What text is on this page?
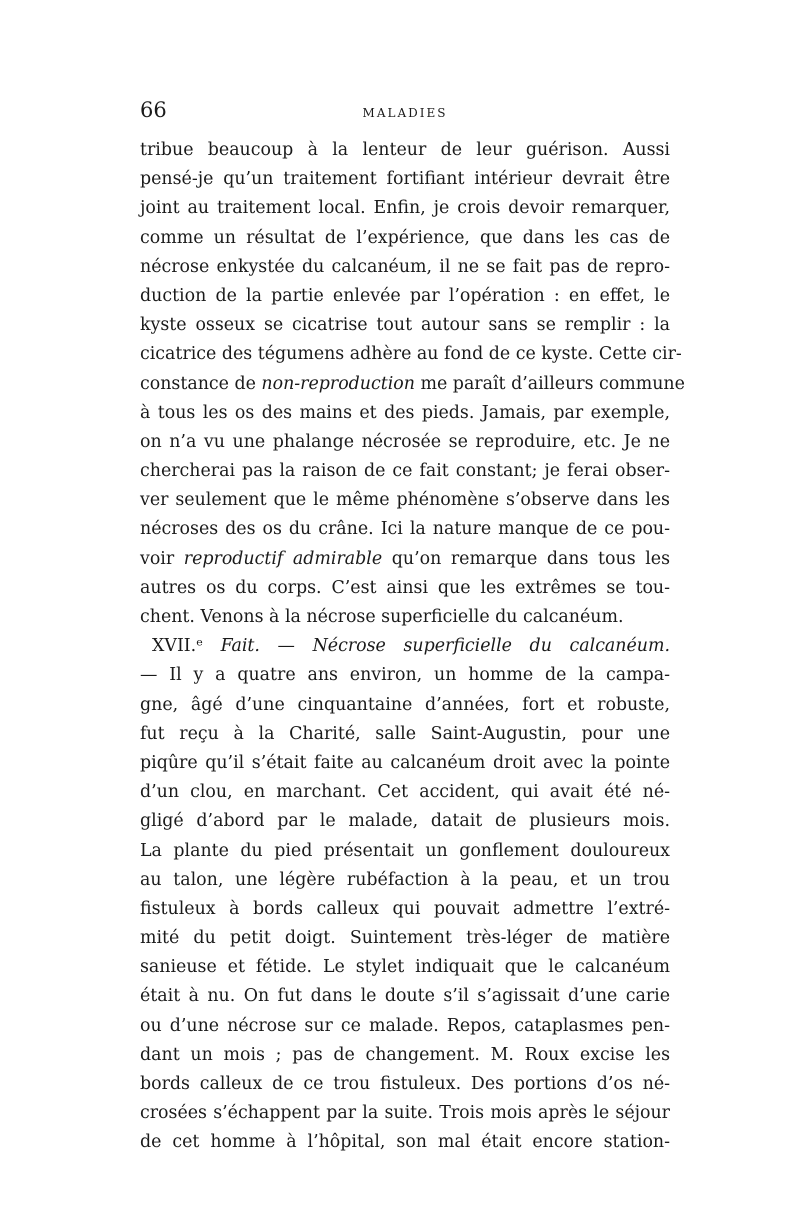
66	MALADIES
tribue beaucoup à la lenteur de leur guérison. Aussi
pensé-je qu’un traitement fortifiant intérieur devrait être
joint au traitement local. Enfin, je crois devoir remarquer,
comme un résultat de l’expérience, que dans les cas de
nécrose enkystée du calcanéum, il ne se fait pas de repro-
duction de la partie enlevée par l’opération : en effet, le
kyste osseux se cicatrise tout autour sans se remplir : la
cicatrice des tégumens adhère au fond de ce kyste. Cette cir-
constance de non-reproduction me paraît d’ailleurs commune
à tous les os des mains et des pieds. Jamais, par exemple,
on n’a vu une phalange nécrosée se reproduire, etc. Je ne
chercherai pas la raison de ce fait constant; je ferai obser-
ver seulement que le même phénomène s’observe dans les
nécroses des os du crâne. Ici la nature manque de ce pou-
voir reproductif admirable qu’on remarque dans tous les
autres os du corps. C’est ainsi que les extrêmes se tou-
chent. Venons à la nécrose superficielle du calcanéum.
XVII.ᵉ Fait. — Nécrose superficielle du calcanéum.
— Il y a quatre ans environ, un homme de la campa-
gne, âgé d’une cinquantaine d’années, fort et robuste,
fut reçu à la Charité, salle Saint-Augustin, pour une
piqûre qu’il s’était faite au calcanéum droit avec la pointe
d’un clou, en marchant. Cet accident, qui avait été né-
gligé d’abord par le malade, datait de plusieurs mois.
La plante du pied présentait un gonflement douloureux
au talon, une légère rubéfaction à la peau, et un trou
fistuleux à bords calleux qui pouvait admettre l’extré-
mité du petit doigt. Suintement très-léger de matière
sanieuse et fétide. Le stylet indiquait que le calcanéum
était à nu. On fut dans le doute s’il s’agissait d’une carie
ou d’une nécrose sur ce malade. Repos, cataplasmes pen-
dant un mois ; pas de changement. M. Roux excise les
bords calleux de ce trou fistuleux. Des portions d’os né-
crosées s’échappent par la suite. Trois mois après le séjour
de cet homme à l’hôpital, son mal était encore station-
